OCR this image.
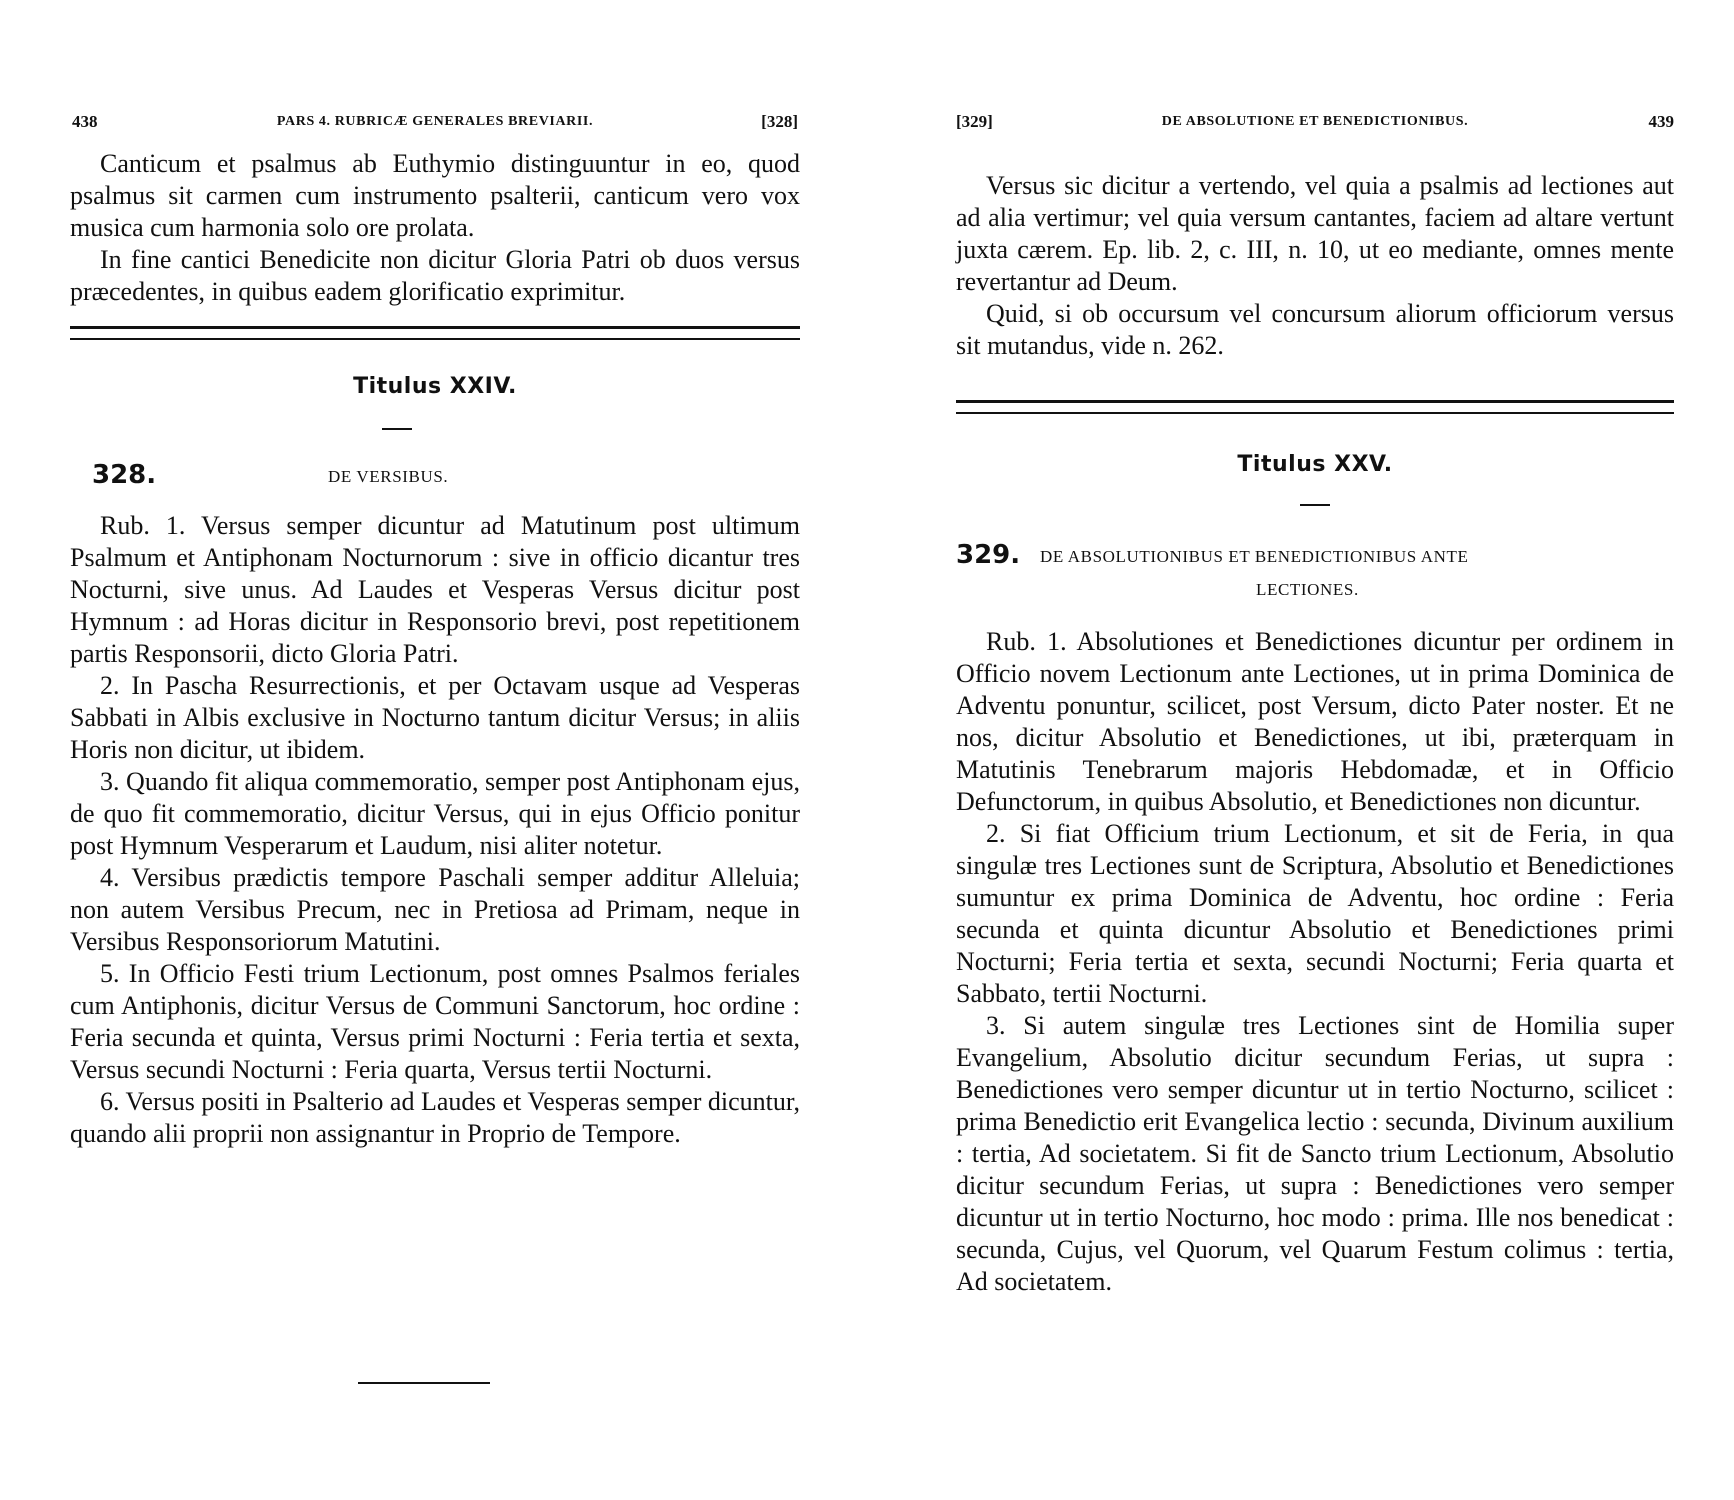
438	PARS 4. RUBRICÆ GENERALES BREVIARII.	[328]

Canticum et psalmus ab Euthymio distinguuntur in eo, quod psalmus sit carmen cum instrumento psalterii, canticum vero vox musica cum harmonia solo ore prolata.

In fine cantici Benedicite non dicitur Gloria Patri ob duos versus præcedentes, in quibus eadem glorificatio exprimitur.

Titulus XXIV.
328.	DE VERSIBUS.

Rub. 1. Versus semper dicuntur ad Matutinum post ultimum Psalmum et Antiphonam Nocturnorum : sive in officio dicantur tres Nocturni, sive unus. Ad Laudes et Vesperas Versus dicitur post Hymnum : ad Horas dicitur in Responsorio brevi, post repetitionem partis Responsorii, dicto Gloria Patri.

2. In Pascha Resurrectionis, et per Octavam usque ad Vesperas Sabbati in Albis exclusive in Nocturno tantum dicitur Versus; in aliis Horis non dicitur, ut ibidem.

3. Quando fit aliqua commemoratio, semper post Antiphonam ejus, de quo fit commemoratio, dicitur Versus, qui in ejus Officio ponitur post Hymnum Vesperarum et Laudum, nisi aliter notetur.

4. Versibus prædictis tempore Paschali semper additur Alleluia; non autem Versibus Precum, nec in Pretiosa ad Primam, neque in Versibus Responsoriorum Matutini.

5. In Officio Festi trium Lectionum, post omnes Psalmos feriales cum Antiphonis, dicitur Versus de Communi Sanctorum, hoc ordine : Feria secunda et quinta, Versus primi Nocturni : Feria tertia et sexta, Versus secundi Nocturni : Feria quarta, Versus tertii Nocturni.

6. Versus positi in Psalterio ad Laudes et Vesperas semper dicuntur, quando alii proprii non assignantur in Proprio de Tempore.

[329]	DE ABSOLUTIONE ET BENEDICTIONIBUS.	439

Versus sic dicitur a vertendo, vel quia a psalmis ad lectiones aut ad alia vertimur; vel quia versum cantantes, faciem ad altare vertunt juxta cærem. Ep. lib. 2, c. III, n. 10, ut eo mediante, omnes mente revertantur ad Deum.

Quid, si ob occursum vel concursum aliorum officiorum versus sit mutandus, vide n. 262.

Titulus XXV.
329. DE ABSOLUTIONIBUS ET BENEDICTIONIBUS ANTE
LECTIONES.

Rub. 1. Absolutiones et Benedictiones dicuntur per ordinem in Officio novem Lectionum ante Lectiones, ut in prima Dominica de Adventu ponuntur, scilicet, post Versum, dicto Pater noster. Et ne nos, dicitur Absolutio et Benedictiones, ut ibi, præterquam in Matutinis Tenebrarum majoris Hebdomadæ, et in Officio Defunctorum, in quibus Absolutio, et Benedictiones non dicuntur.

2. Si fiat Officium trium Lectionum, et sit de Feria, in qua singulæ tres Lectiones sunt de Scriptura, Absolutio et Benedictiones sumuntur ex prima Dominica de Adventu, hoc ordine : Feria secunda et quinta dicuntur Absolutio et Benedictiones primi Nocturni; Feria tertia et sexta, secundi Nocturni; Feria quarta et Sabbato, tertii Nocturni.

3. Si autem singulæ tres Lectiones sint de Homilia super Evangelium, Absolutio dicitur secundum Ferias, ut supra : Benedictiones vero semper dicuntur ut in tertio Nocturno, scilicet : prima Benedictio erit Evangelica lectio : secunda, Divinum auxilium : tertia, Ad societatem. Si fit de Sancto trium Lectionum, Absolutio dicitur secundum Ferias, ut supra : Benedictiones vero semper dicuntur ut in tertio Nocturno, hoc modo : prima. Ille nos benedicat : secunda, Cujus, vel Quorum, vel Quarum Festum colimus : tertia, Ad societatem.
